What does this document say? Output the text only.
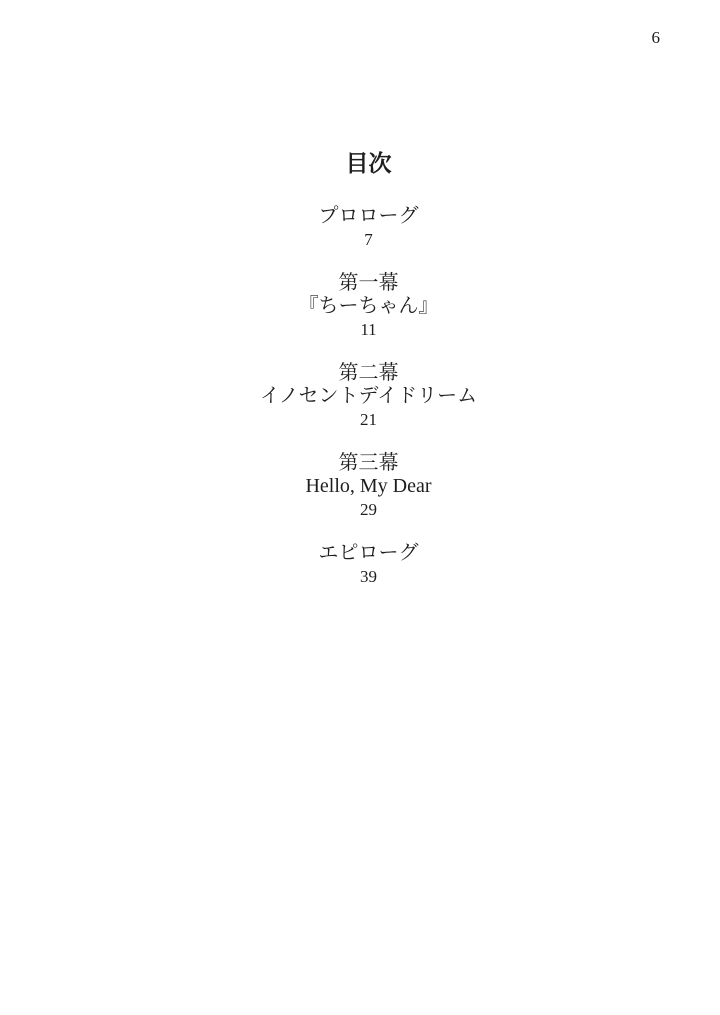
6
目次
プロローグ
7
第一幕
『ちーちゃん』
11
第二幕
イノセントデイドリーム
21
第三幕
Hello, My Dear
29
エピローグ
39
